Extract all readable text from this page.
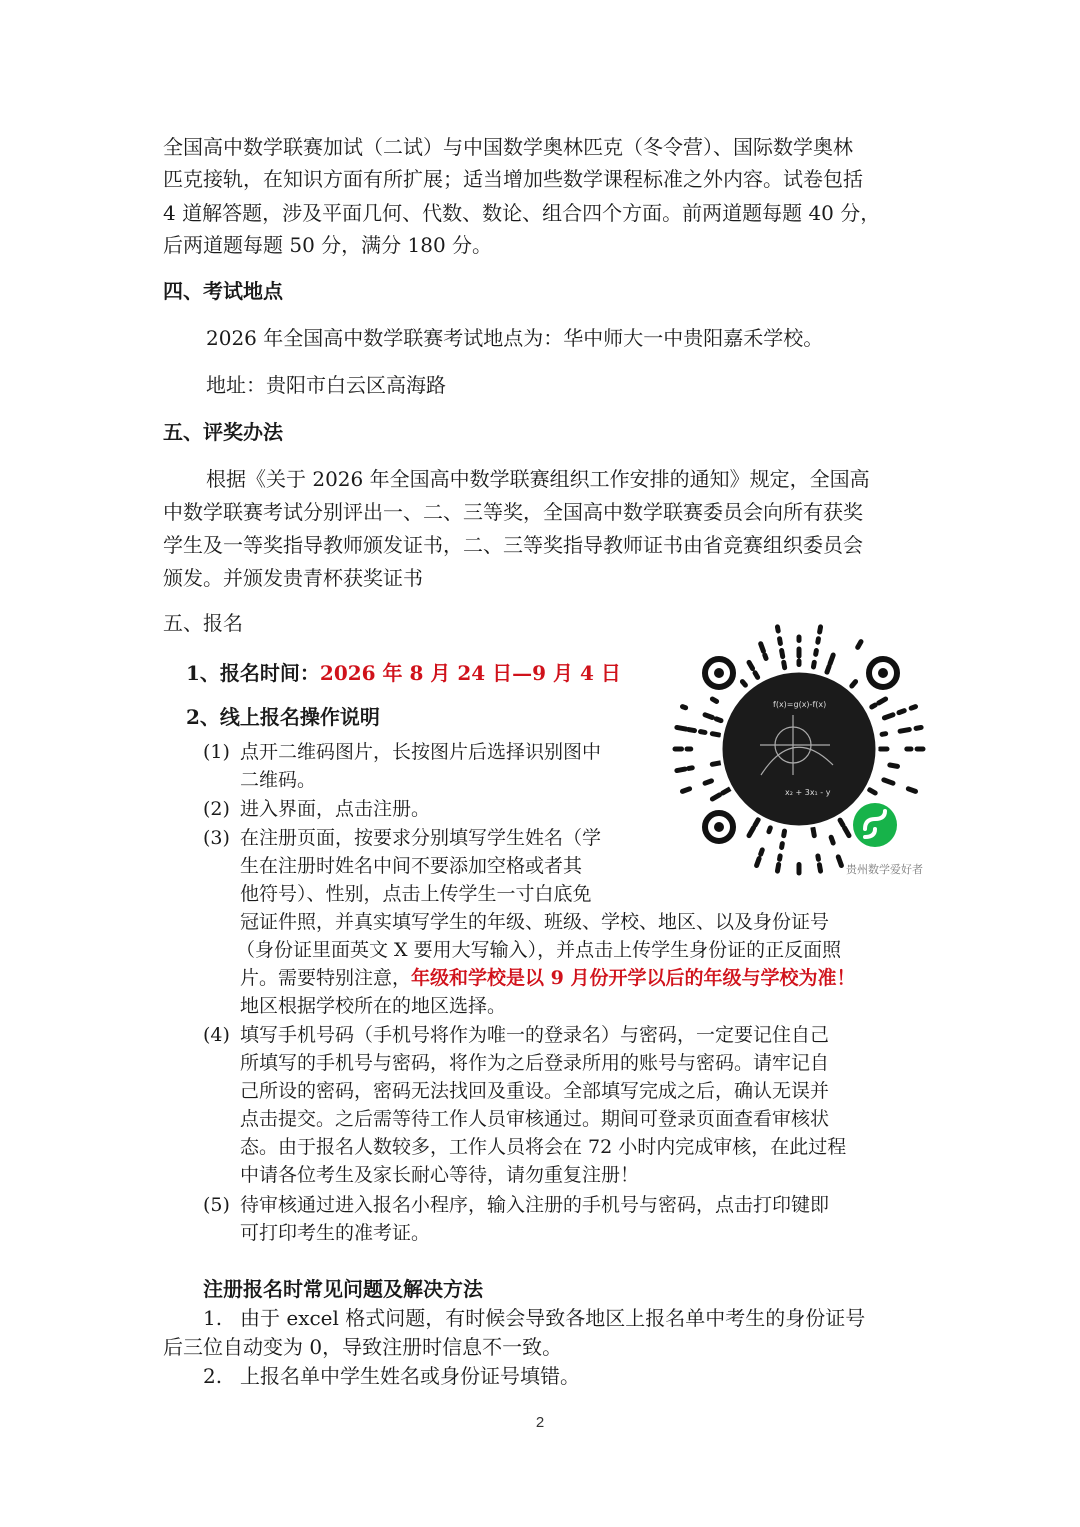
全国高中数学联赛加试（二试）与中国数学奥林匹克（冬令营）、国际数学奥林

匹克接轨，在知识方面有所扩展；适当增加些数学课程标准之外内容。试卷包括

4 道解答题，涉及平面几何、代数、数论、组合四个方面。前两道题每题 40 分，

后两道题每题 50 分，满分 180 分。

四、考试地点

2026 年全国高中数学联赛考试地点为：华中师大一中贵阳嘉禾学校。

地址：贵阳市白云区高海路

五、评奖办法

根据《关于 2026 年全国高中数学联赛组织工作安排的通知》规定，全国高

中数学联赛考试分别评出一、二、三等奖，全国高中数学联赛委员会向所有获奖

学生及一等奖指导教师颁发证书，二、三等奖指导教师证书由省竞赛组织委员会

颁发。并颁发贵青杯获奖证书

五、报名

1、报名时间：2026 年 8 月 24 日—9 月 4 日

2、线上报名操作说明

(1) 点开二维码图片，长按图片后选择识别图中

二维码。

(2) 进入界面，点击注册。

(3) 在注册页面，按要求分别填写学生姓名（学

生在注册时姓名中间不要添加空格或者其

他符号）、性别，点击上传学生一寸白底免

冠证件照，并真实填写学生的年级、班级、学校、地区、以及身份证号

（身份证里面英文 X 要用大写输入），并点击上传学生身份证的正反面照

片。需要特别注意，年级和学校是以 9 月份开学以后的年级与学校为准！

地区根据学校所在的地区选择。

(4) 填写手机号码（手机号将作为唯一的登录名）与密码，一定要记住自己

所填写的手机号与密码，将作为之后登录所用的账号与密码。请牢记自

己所设的密码，密码无法找回及重设。全部填写完成之后，确认无误并

点击提交。之后需等待工作人员审核通过。期间可登录页面查看审核状

态。由于报名人数较多，工作人员将会在 72 小时内完成审核，在此过程

中请各位考生及家长耐心等待，请勿重复注册！

(5) 待审核通过进入报名小程序，输入注册的手机号与密码，点击打印键即

可打印考生的准考证。

注册报名时常见问题及解决方法

1. 由于 excel 格式问题，有时候会导致各地区上报名单中考生的身份证号

后三位自动变为 0，导致注册时信息不一致。

2. 上报名单中学生姓名或身份证号填错。

f(x)=g(x)-f(x)
x₂ + 3x₁ - y
贵州数学爱好者
2
